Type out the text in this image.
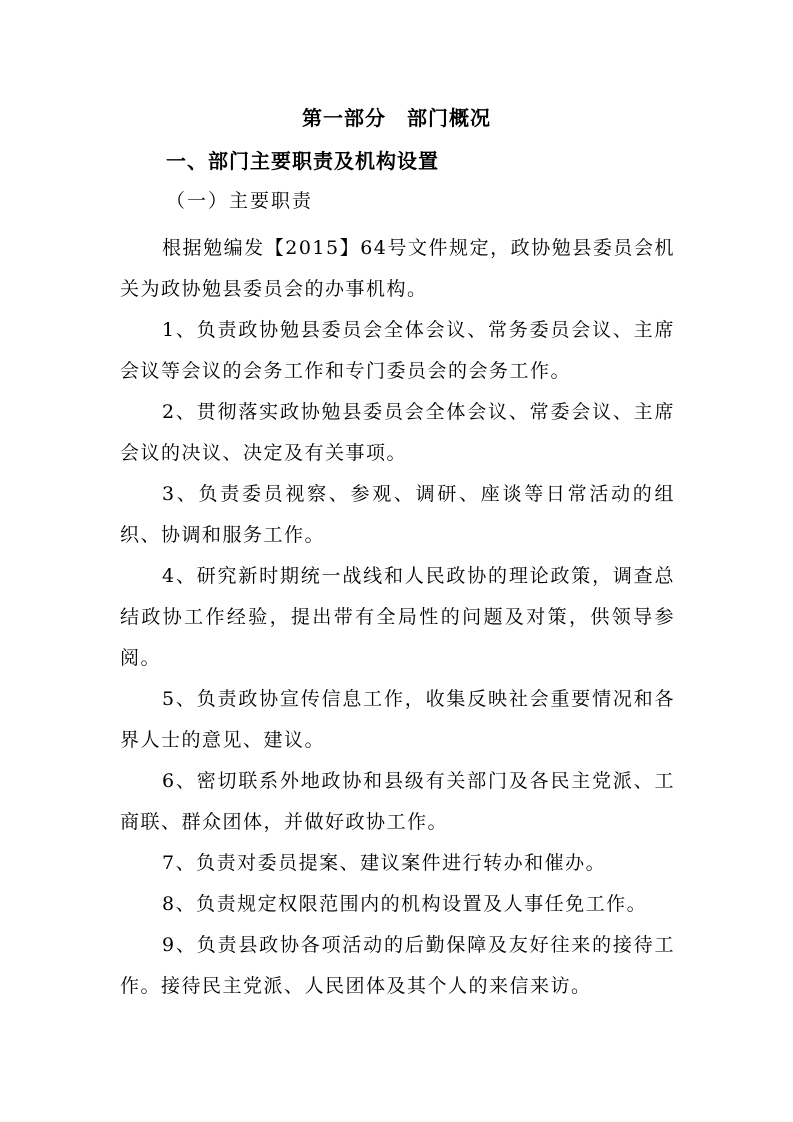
第一部分　部门概况
一、部门主要职责及机构设置
（一）主要职责

根据勉编发【2015】64号文件规定，政协勉县委员会机关为政协勉县委员会的办事机构。

1、负责政协勉县委员会全体会议、常务委员会议、主席会议等会议的会务工作和专门委员会的会务工作。

2、贯彻落实政协勉县委员会全体会议、常委会议、主席会议的决议、决定及有关事项。

3、负责委员视察、参观、调研、座谈等日常活动的组织、协调和服务工作。

4、研究新时期统一战线和人民政协的理论政策，调查总结政协工作经验，提出带有全局性的问题及对策，供领导参阅。

5、负责政协宣传信息工作，收集反映社会重要情况和各界人士的意见、建议。

6、密切联系外地政协和县级有关部门及各民主党派、工商联、群众团体，并做好政协工作。

7、负责对委员提案、建议案件进行转办和催办。

8、负责规定权限范围内的机构设置及人事任免工作。

9、负责县政协各项活动的后勤保障及友好往来的接待工作。接待民主党派、人民团体及其个人的来信来访。
